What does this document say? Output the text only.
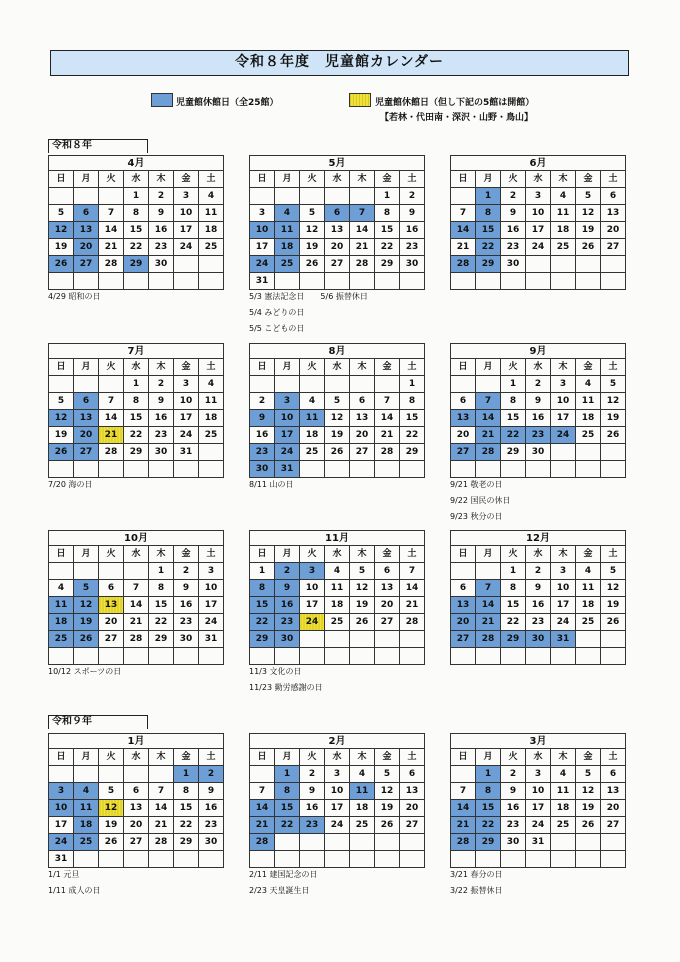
令和８年度　児童館カレンダー
児童館休館日（全25館）	児童館休館日（但し下記の5館は開館）
【若林・代田南・深沢・山野・鳥山】
令和８年
令和９年
4月						
日	月	火	水	木	金	土
			1	2	3	4
5	6	7	8	9	10	11
12	13	14	15	16	17	18
19	20	21	22	23	24	25
26	27	28	29	30		

4/29 昭和の日
5月						
日	月	火	水	木	金	土
					1	2
3	4	5	6	7	8	9
10	11	12	13	14	15	16
17	18	19	20	21	22	23
24	25	26	27	28	29	30
31						
5/3 憲法記念日　　5/6 振替休日
5/4 みどりの日
5/5 こどもの日
6月						
日	月	火	水	木	金	土
	1	2	3	4	5	6
7	8	9	10	11	12	13
14	15	16	17	18	19	20
21	22	23	24	25	26	27
28	29	30				

7月						
日	月	火	水	木	金	土
			1	2	3	4
5	6	7	8	9	10	11
12	13	14	15	16	17	18
19	20	21	22	23	24	25
26	27	28	29	30	31	

7/20 海の日
8月						
日	月	火	水	木	金	土
						1
2	3	4	5	6	7	8
9	10	11	12	13	14	15
16	17	18	19	20	21	22
23	24	25	26	27	28	29
30	31					
8/11 山の日
9月						
日	月	火	水	木	金	土
		1	2	3	4	5
6	7	8	9	10	11	12
13	14	15	16	17	18	19
20	21	22	23	24	25	26
27	28	29	30			

9/21 敬老の日
9/22 国民の休日
9/23 秋分の日
10月						
日	月	火	水	木	金	土
				1	2	3
4	5	6	7	8	9	10
11	12	13	14	15	16	17
18	19	20	21	22	23	24
25	26	27	28	29	30	31

10/12 スポーツの日
11月						
日	月	火	水	木	金	土
1	2	3	4	5	6	7
8	9	10	11	12	13	14
15	16	17	18	19	20	21
22	23	24	25	26	27	28
29	30					

11/3 文化の日
11/23 勤労感謝の日
12月						
日	月	火	水	木	金	土
		1	2	3	4	5
6	7	8	9	10	11	12
13	14	15	16	17	18	19
20	21	22	23	24	25	26
27	28	29	30	31		

1月						
日	月	火	水	木	金	土
					1	2
3	4	5	6	7	8	9
10	11	12	13	14	15	16
17	18	19	20	21	22	23
24	25	26	27	28	29	30
31						
1/1 元旦
1/11 成人の日
2月						
日	月	火	水	木	金	土
	1	2	3	4	5	6
7	8	9	10	11	12	13
14	15	16	17	18	19	20
21	22	23	24	25	26	27
28						

2/11 建国記念の日
2/23 天皇誕生日
3月						
日	月	火	水	木	金	土
	1	2	3	4	5	6
7	8	9	10	11	12	13
14	15	16	17	18	19	20
21	22	23	24	25	26	27
28	29	30	31			

3/21 春分の日
3/22 振替休日
